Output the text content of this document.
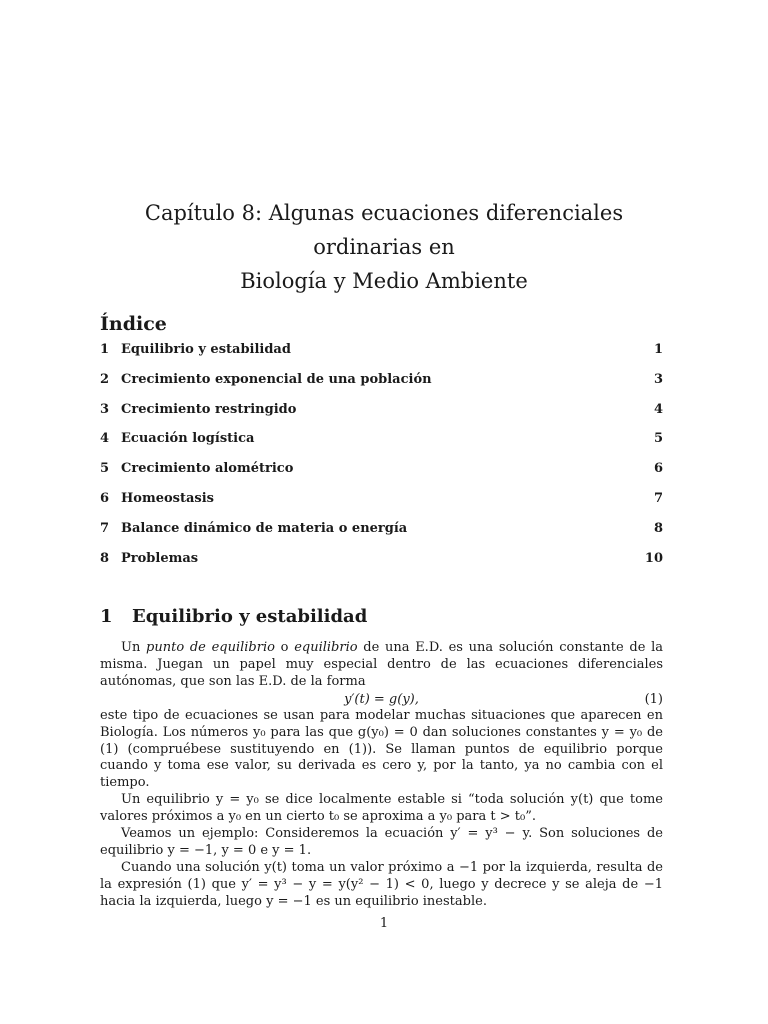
Capítulo 8: Algunas ecuaciones diferenciales ordinarias en
Biología y Medio Ambiente
Índice
1 Equilibrio y estabilidad	1
2 Crecimiento exponencial de una población	3
3 Crecimiento restringido	4
4 Ecuación logística	5
5 Crecimiento alométrico	6
6 Homeostasis	7
7 Balance dinámico de materia o energía	8
8 Problemas	10
1	Equilibrio y estabilidad

Un punto de equilibrio o equilibrio de una E.D. es una solución constante de la misma. Juegan un papel muy especial dentro de las ecuaciones diferenciales autónomas, que son las E.D. de la forma

y′(t) = g(y),	(1)

este tipo de ecuaciones se usan para modelar muchas situaciones que aparecen en Biología. Los números y₀ para las que g(y₀) = 0 dan soluciones constantes y = y₀ de (1) (compruébese sustituyendo en (1)). Se llaman puntos de equilibrio porque cuando y toma ese valor, su derivada es cero y, por la tanto, ya no cambia con el tiempo.

Un equilibrio y = y₀ se dice localmente estable si “toda solución y(t) que tome valores próximos a y₀ en un cierto t₀ se aproxima a y₀ para t > t₀”.

Veamos un ejemplo: Consideremos la ecuación y′ = y³ − y. Son soluciones de equilibrio y = −1, y = 0 e y = 1.

Cuando una solución y(t) toma un valor próximo a −1 por la izquierda, resulta de la expresión (1) que y′ = y³ − y = y(y² − 1) < 0, luego y decrece y se aleja de −1 hacia la izquierda, luego y = −1 es un equilibrio inestable.

1
